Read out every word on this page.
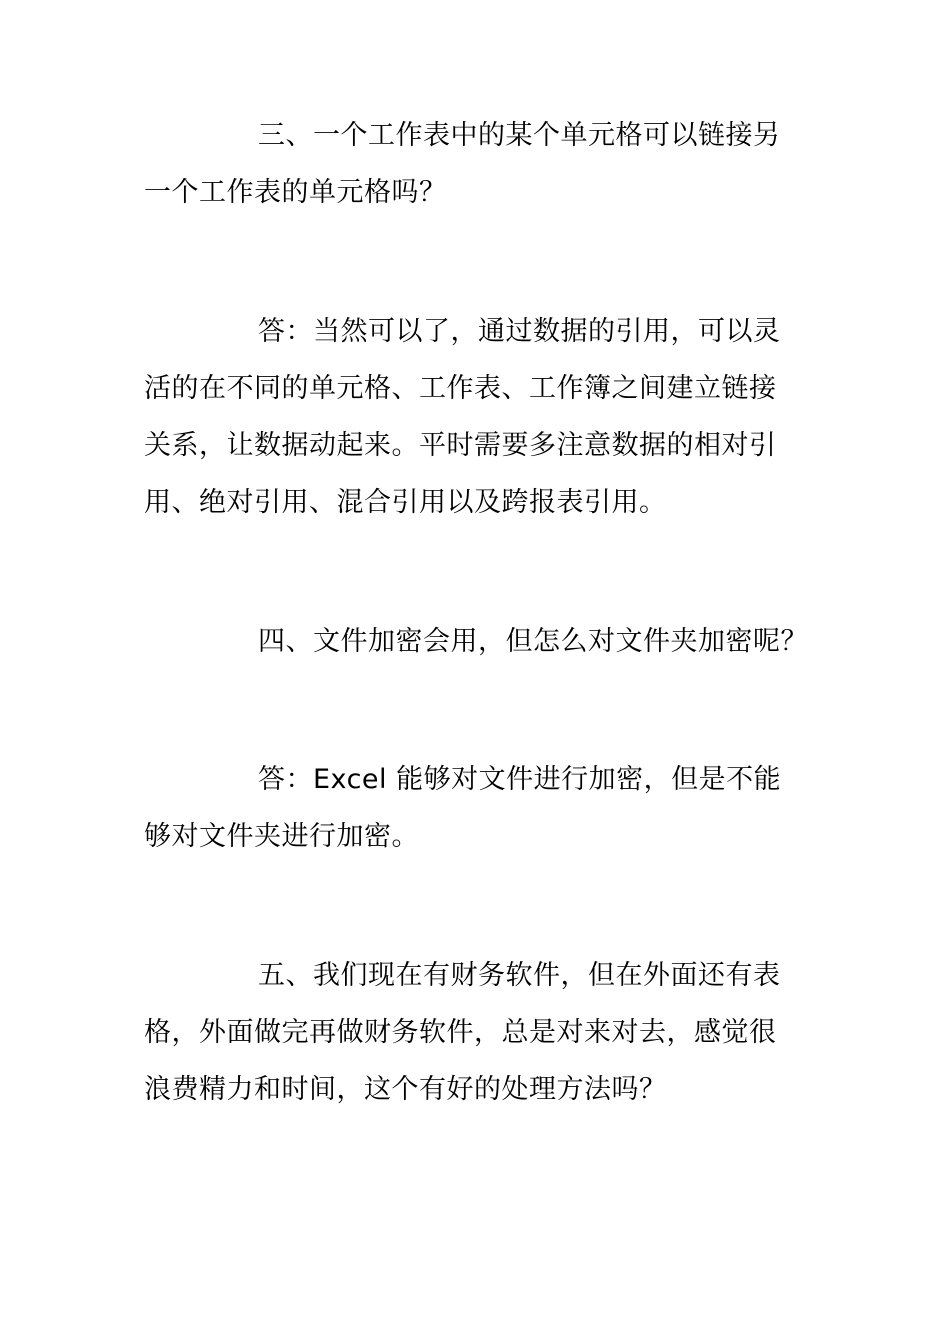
三、一个工作表中的某个单元格可以链接另
一个工作表的单元格吗？
答：当然可以了，通过数据的引用，可以灵
活的在不同的单元格、工作表、工作簿之间建立链接
关系，让数据动起来。平时需要多注意数据的相对引
用、绝对引用、混合引用以及跨报表引用。
四、文件加密会用，但怎么对文件夹加密呢？
答：Excel 能够对文件进行加密，但是不能
够对文件夹进行加密。
五、我们现在有财务软件，但在外面还有表
格，外面做完再做财务软件，总是对来对去，感觉很
浪费精力和时间，这个有好的处理方法吗？
